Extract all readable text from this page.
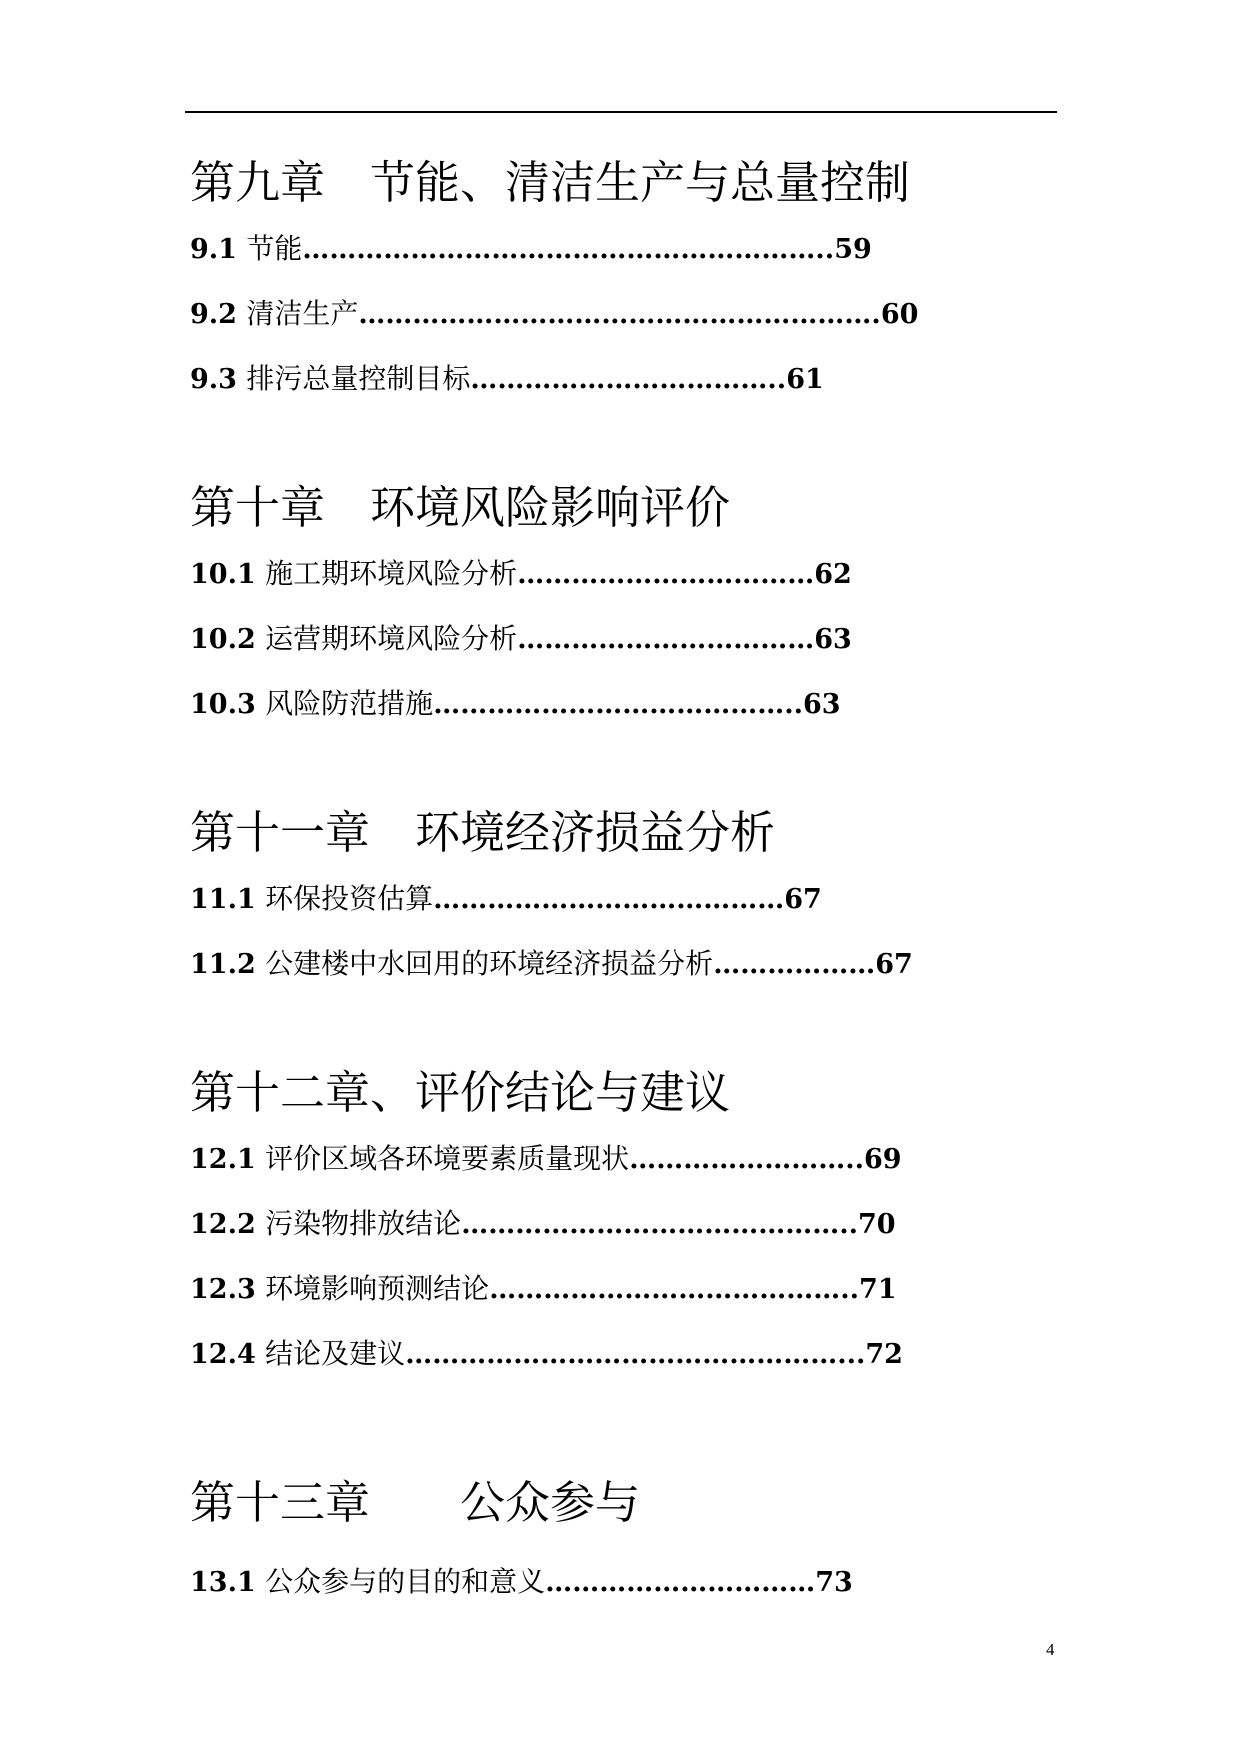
第九章　节能、清洁生产与总量控制
9.1 节能…………………………………………………..59
9.2 清洁生产………………………………………………….60
9.3 排污总量控制目标……………………………..61
第十章　环境风险影响评价
10.1 施工期环境风险分析……………………………62
10.2 运营期环境风险分析……………………………63
10.3 风险防范措施…………………………………..63
第十一章　环境经济损益分析
11.1 环保投资估算…………………………………67
11.2 公建楼中水回用的环境经济损益分析………………67
第十二章、评价结论与建议
12.1 评价区域各环境要素质量现状……………………..69
12.2 污染物排放结论……………………………………..70
12.3 环境影响预测结论…………………………………..71
12.4 结论及建议…………………………………………...72
第十三章　　公众参与
13.1 公众参与的目的和意义…………………………73
4
